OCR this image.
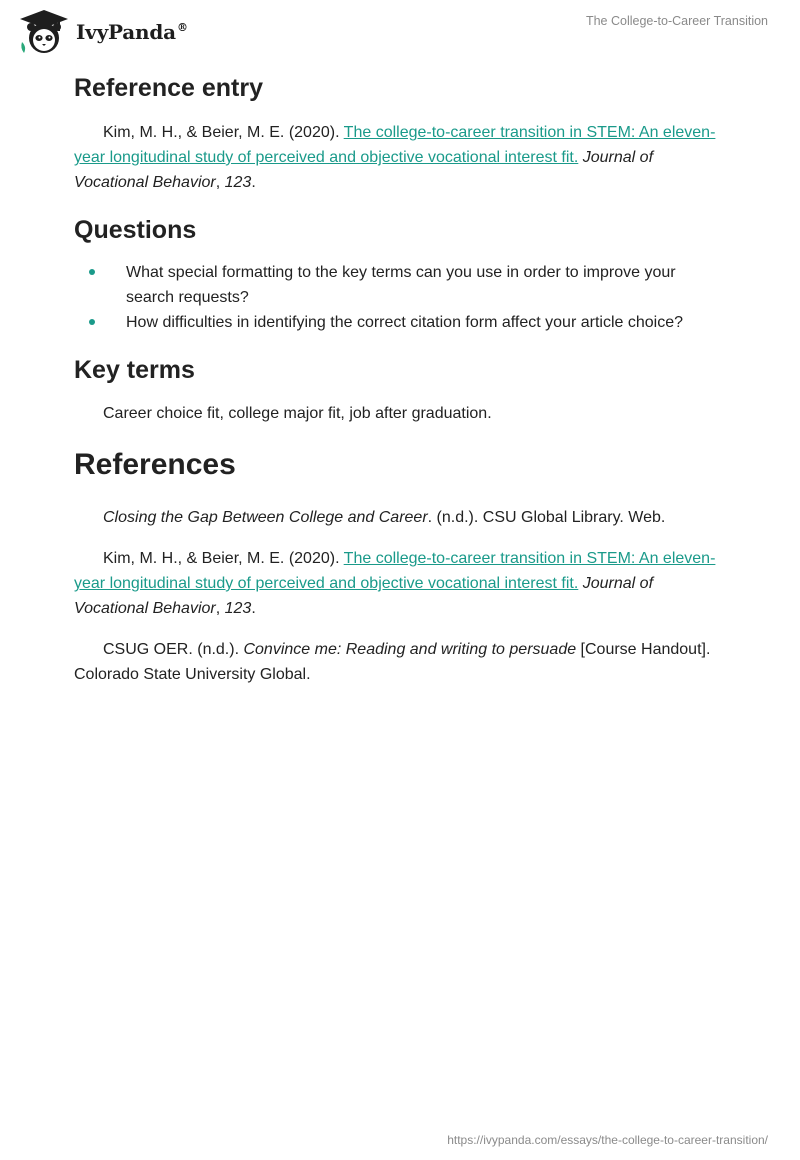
IvyPanda®	The College-to-Career Transition
Reference entry

Kim, M. H., & Beier, M. E. (2020). The college-to-career transition in STEM: An eleven-year longitudinal study of perceived and objective vocational interest fit. Journal of Vocational Behavior, 123.

Questions
What special formatting to the key terms can you use in order to improve your search requests?
How difficulties in identifying the correct citation form affect your article choice?
Key terms

Career choice fit, college major fit, job after graduation.

References

Closing the Gap Between College and Career. (n.d.). CSU Global Library. Web.

Kim, M. H., & Beier, M. E. (2020). The college-to-career transition in STEM: An eleven-year longitudinal study of perceived and objective vocational interest fit. Journal of Vocational Behavior, 123.

CSUG OER. (n.d.). Convince me: Reading and writing to persuade [Course Handout]. Colorado State University Global.

https://ivypanda.com/essays/the-college-to-career-transition/
